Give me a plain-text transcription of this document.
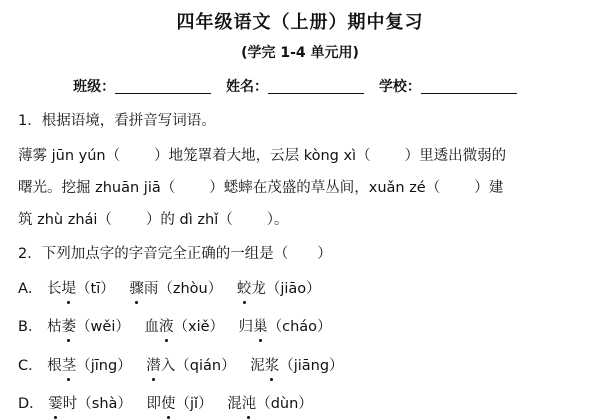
四年级语文（上册）期中复习
(学完 1-4 单元用)
班级：	姓名：	学校：
1．根据语境，看拼音写词语。
薄雾 jūn yún（ ）地笼罩着大地，云层 kòng xì（ ）里透出微弱的
曙光。挖掘 zhuān jiā（ ）蟋蟀在茂盛的草丛间，xuǎn zé（ ）建
筑 zhù zhái（ ）的 dì zhǐ（ ）。
2．下列加点字的字音完全正确的一组是（　　）
A． 长堤（tī） 骤雨（zhòu） 蛟龙（jiāo）
B． 枯萎（wěi） 血液（xiě） 归巢（cháo）
C． 根茎（jīng） 潜入（qián） 泥浆（jiāng）
D． 霎时（shà） 即使（jǐ） 混沌（dùn）
